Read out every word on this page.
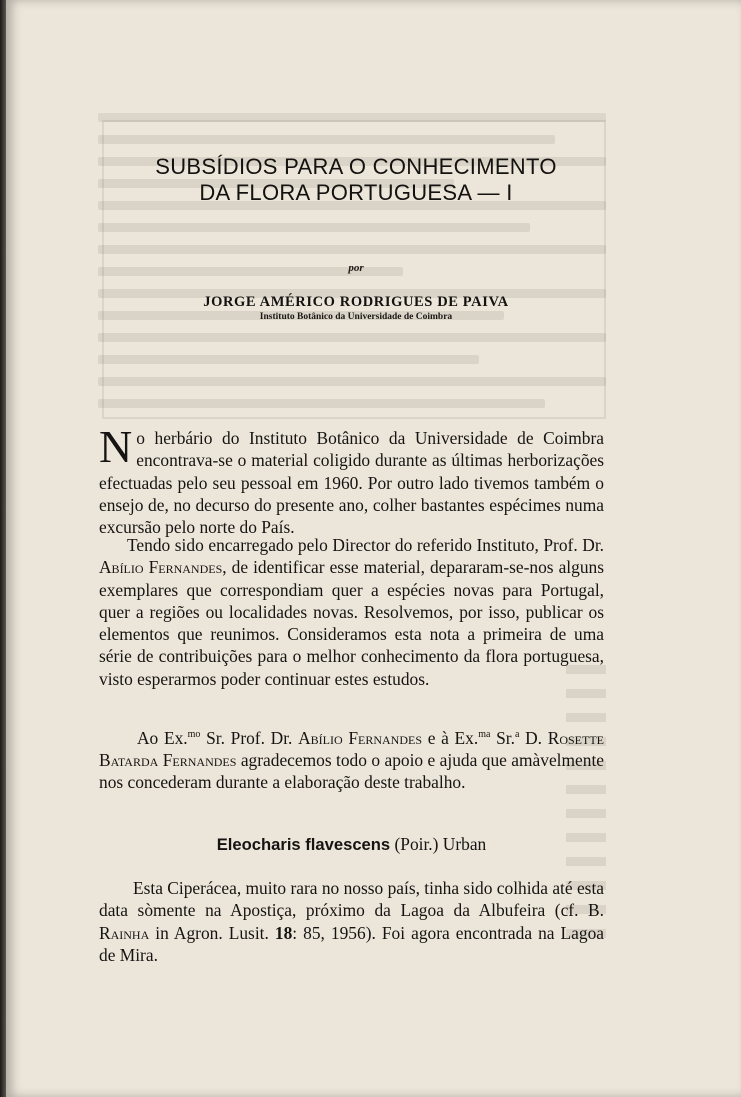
SUBSÍDIOS PARA O CONHECIMENTO
DA FLORA PORTUGUESA — I
por
JORGE AMÉRICO RODRIGUES DE PAIVA
Instituto Botânico da Universidade de Coimbra

No herbário do Instituto Botânico da Universidade de Coimbra encontrava-se o material coligido durante as últimas herborizações efectuadas pelo seu pessoal em 1960. Por outro lado tivemos também o ensejo de, no decurso do presente ano, colher bastantes espécimes numa excursão pelo norte do País.

Tendo sido encarregado pelo Director do referido Instituto, Prof. Dr. Abílio Fernandes, de identificar esse material, depararam-se-nos alguns exemplares que correspondiam quer a espécies novas para Portugal, quer a regiões ou localidades novas. Resolvemos, por isso, publicar os elementos que reunimos. Consideramos esta nota a primeira de uma série de contribuições para o melhor conhecimento da flora portuguesa, visto esperarmos poder continuar estes estudos.

Ao Ex.$^{mo}$ Sr. Prof. Dr. Abílio Fernandes e à Ex.$^{ma}$ Sr.$^a$ D. Rosette Batarda Fernandes agradecemos todo o apoio e ajuda que amàvelmente nos concederam durante a elaboração deste trabalho.

Eleocharis flavescens (Poir.) Urban

Esta Ciperácea, muito rara no nosso país, tinha sido colhida até esta data sòmente na Apostiça, próximo da Lagoa da Albufeira (cf. B. Rainha in Agron. Lusit. 18: 85, 1956). Foi agora encontrada na Lagoa de Mira.
